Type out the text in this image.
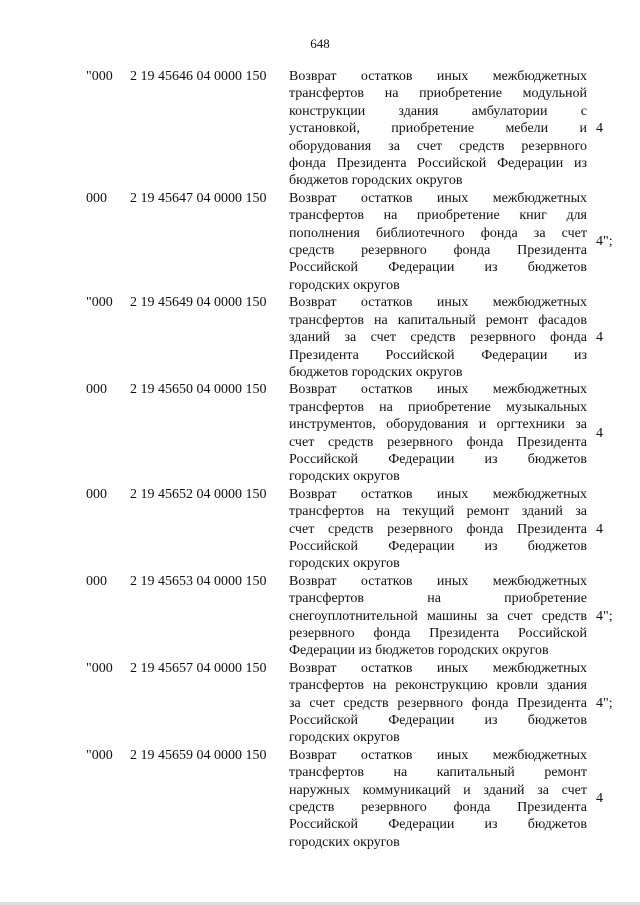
648
"000 2 19 45646 04 0000 150 Возврат остатков иных межбюджетных
трансфертов на приобретение модульной
конструкции здания амбулатории с
установкой, приобретение мебели и
оборудования за счет средств резервного
фонда Президента Российской Федерации из
бюджетов городских округов
4
000 2 19 45647 04 0000 150 Возврат остатков иных межбюджетных
трансфертов на приобретение книг для
пополнения библиотечного фонда за счет
средств резервного фонда Президента
Российской Федерации из бюджетов
городских округов
4";
"000 2 19 45649 04 0000 150 Возврат остатков иных межбюджетных
трансфертов на капитальный ремонт фасадов
зданий за счет средств резервного фонда
Президента Российской Федерации из
бюджетов городских округов
4
000 2 19 45650 04 0000 150 Возврат остатков иных межбюджетных
трансфертов на приобретение музыкальных
инструментов, оборудования и оргтехники за
счет средств резервного фонда Президента
Российской Федерации из бюджетов
городских округов
4
000 2 19 45652 04 0000 150 Возврат остатков иных межбюджетных
трансфертов на текущий ремонт зданий за
счет средств резервного фонда Президента
Российской Федерации из бюджетов
городских округов
4
000 2 19 45653 04 0000 150 Возврат остатков иных межбюджетных
трансфертов на приобретение
снегоуплотнительной машины за счет средств
резервного фонда Президента Российской
Федерации из бюджетов городских округов
4";
"000 2 19 45657 04 0000 150 Возврат остатков иных межбюджетных
трансфертов на реконструкцию кровли здания
за счет средств резервного фонда Президента
Российской Федерации из бюджетов
городских округов
4";
"000 2 19 45659 04 0000 150 Возврат остатков иных межбюджетных
трансфертов на капитальный ремонт
наружных коммуникаций и зданий за счет
средств резервного фонда Президента
Российской Федерации из бюджетов
городских округов
4
